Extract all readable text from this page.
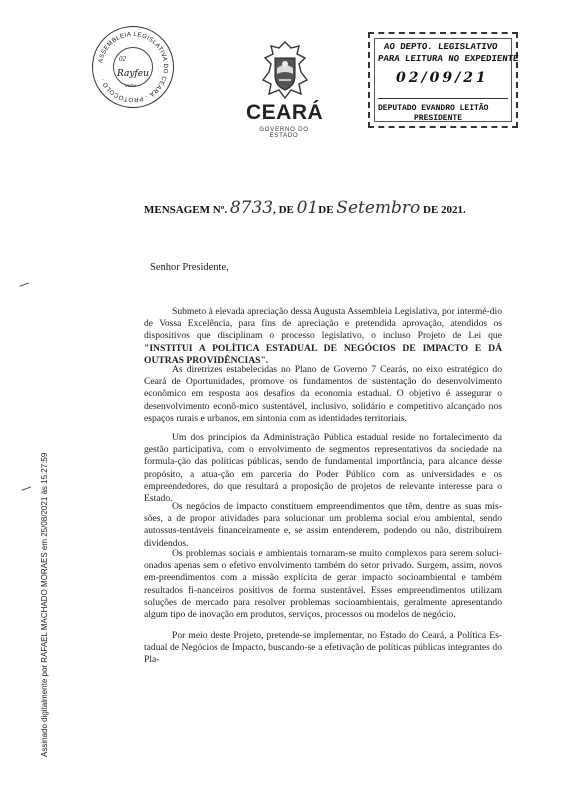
ASSEMBLEIA LEGISLATIVA DO CEARÁ · PROTOCOLO ·
02
Rayfeu
Visão
CEARÁ
GOVERNO DO ESTADO
AO DEPTO. LEGISLATIVO
PARA LEITURA NO EXPEDIENTE
02/09/21
DEPUTADO EVANDRO LEITÃO
PRESIDENTE
MENSAGEM Nº. 8733, DE 01DE Setembro DE 2021.
Senhor Presidente,
Submeto à elevada apreciação dessa Augusta Assembleia Legislativa, por intermé-dio de Vossa Excelência, para fins de apreciação e pretendida aprovação, atendidos os dispositivos que disciplinam o processo legislativo, o incluso Projeto de Lei que "INSTITUI A POLÍTICA ESTADUAL DE NEGÓCIOS DE IMPACTO E DÁ OUTRAS PROVIDÊNCIAS".
As diretrizes estabelecidas no Plano de Governo 7 Cearás, no eixo estratégico do Ceará de Oportunidades, promove os fundamentos de sustentação do desenvolvimento econômico em resposta aos desafios da economia estadual. O objetivo é assegurar o desenvolvimento econô-mico sustentável, inclusivo, solidário e competitivo alcançado nos espaços rurais e urbanos, em sintonia com as identidades territoriais.
Um dos princípios da Administração Pública estadual reside no fortalecimento da gestão participativa, com o envolvimento de segmentos representativos da sociedade na formula-ção das políticas públicas, sendo de fundamental importância, para alcance desse propósito, a atua-ção em parceria do Poder Público com as universidades e os empreendedores, do que resultará a proposição de projetos de relevante interesse para o Estado.
Os negócios de impacto constituem empreendimentos que têm, dentre as suas mis-sões, a de propor atividades para solucionar um problema social e/ou ambiental, sendo autossus-tentáveis financeiramente e, se assim entenderem, podendo ou não, distribuírem dividendos.
Os problemas sociais e ambientais tornaram-se muito complexos para serem soluci-onados apenas sem o efetivo envolvimento também do setor privado. Surgem, assim, novos em-preendimentos com a missão explícita de gerar impacto socioambiental e também resultados fi-nanceiros positivos de forma sustentável. Esses empreendimentos utilizam soluções de mercado para resolver problemas socioambientais, geralmente apresentando algum tipo de inovação em produtos, serviços, processos ou modelos de negócio.
Por meio deste Projeto, pretende-se implementar, no Estado do Ceará, a Política Es-tadual de Negócios de Impacto, buscando-se a efetivação de políticas públicas integrantes do Pla-
Assinado digitalmente por RAFAEL MACHADO MORAES em 25/08/2021 às 15:27:59
